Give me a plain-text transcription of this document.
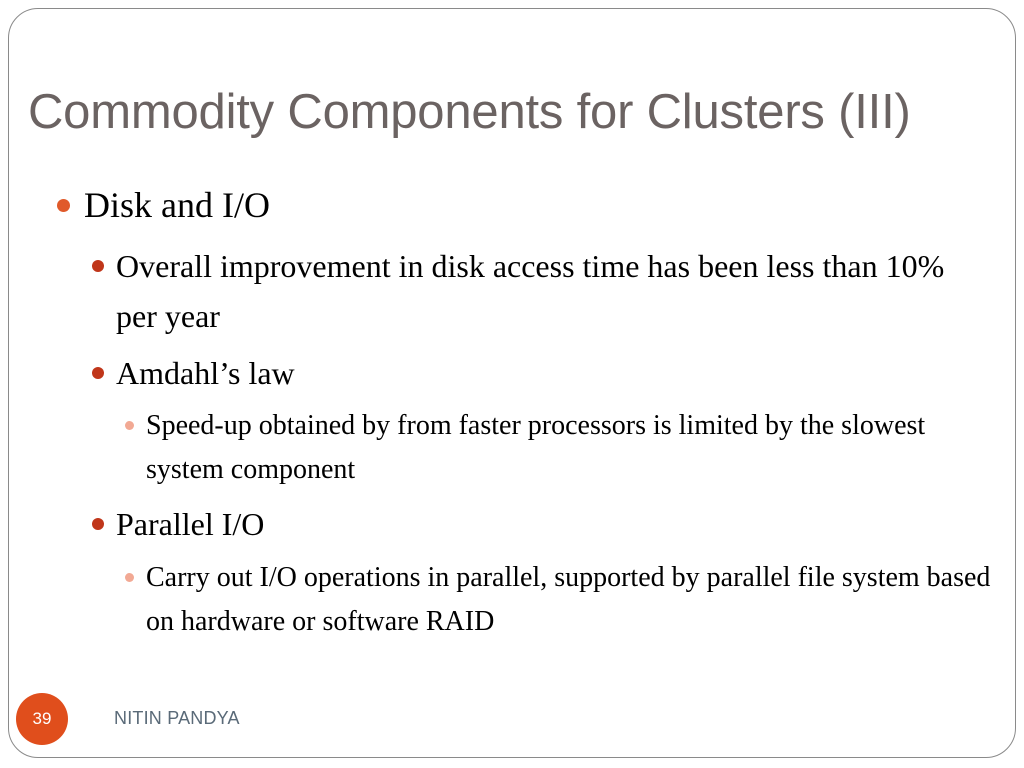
Commodity Components for Clusters (III)
Disk and I/O
Overall improvement in disk access time has been less than 10% per year
Amdahl’s law
Speed-up obtained by from faster processors is limited by the slowest system component
Parallel I/O
Carry out I/O operations in parallel, supported by parallel file system based on hardware or software RAID
39	NITIN PANDYA
